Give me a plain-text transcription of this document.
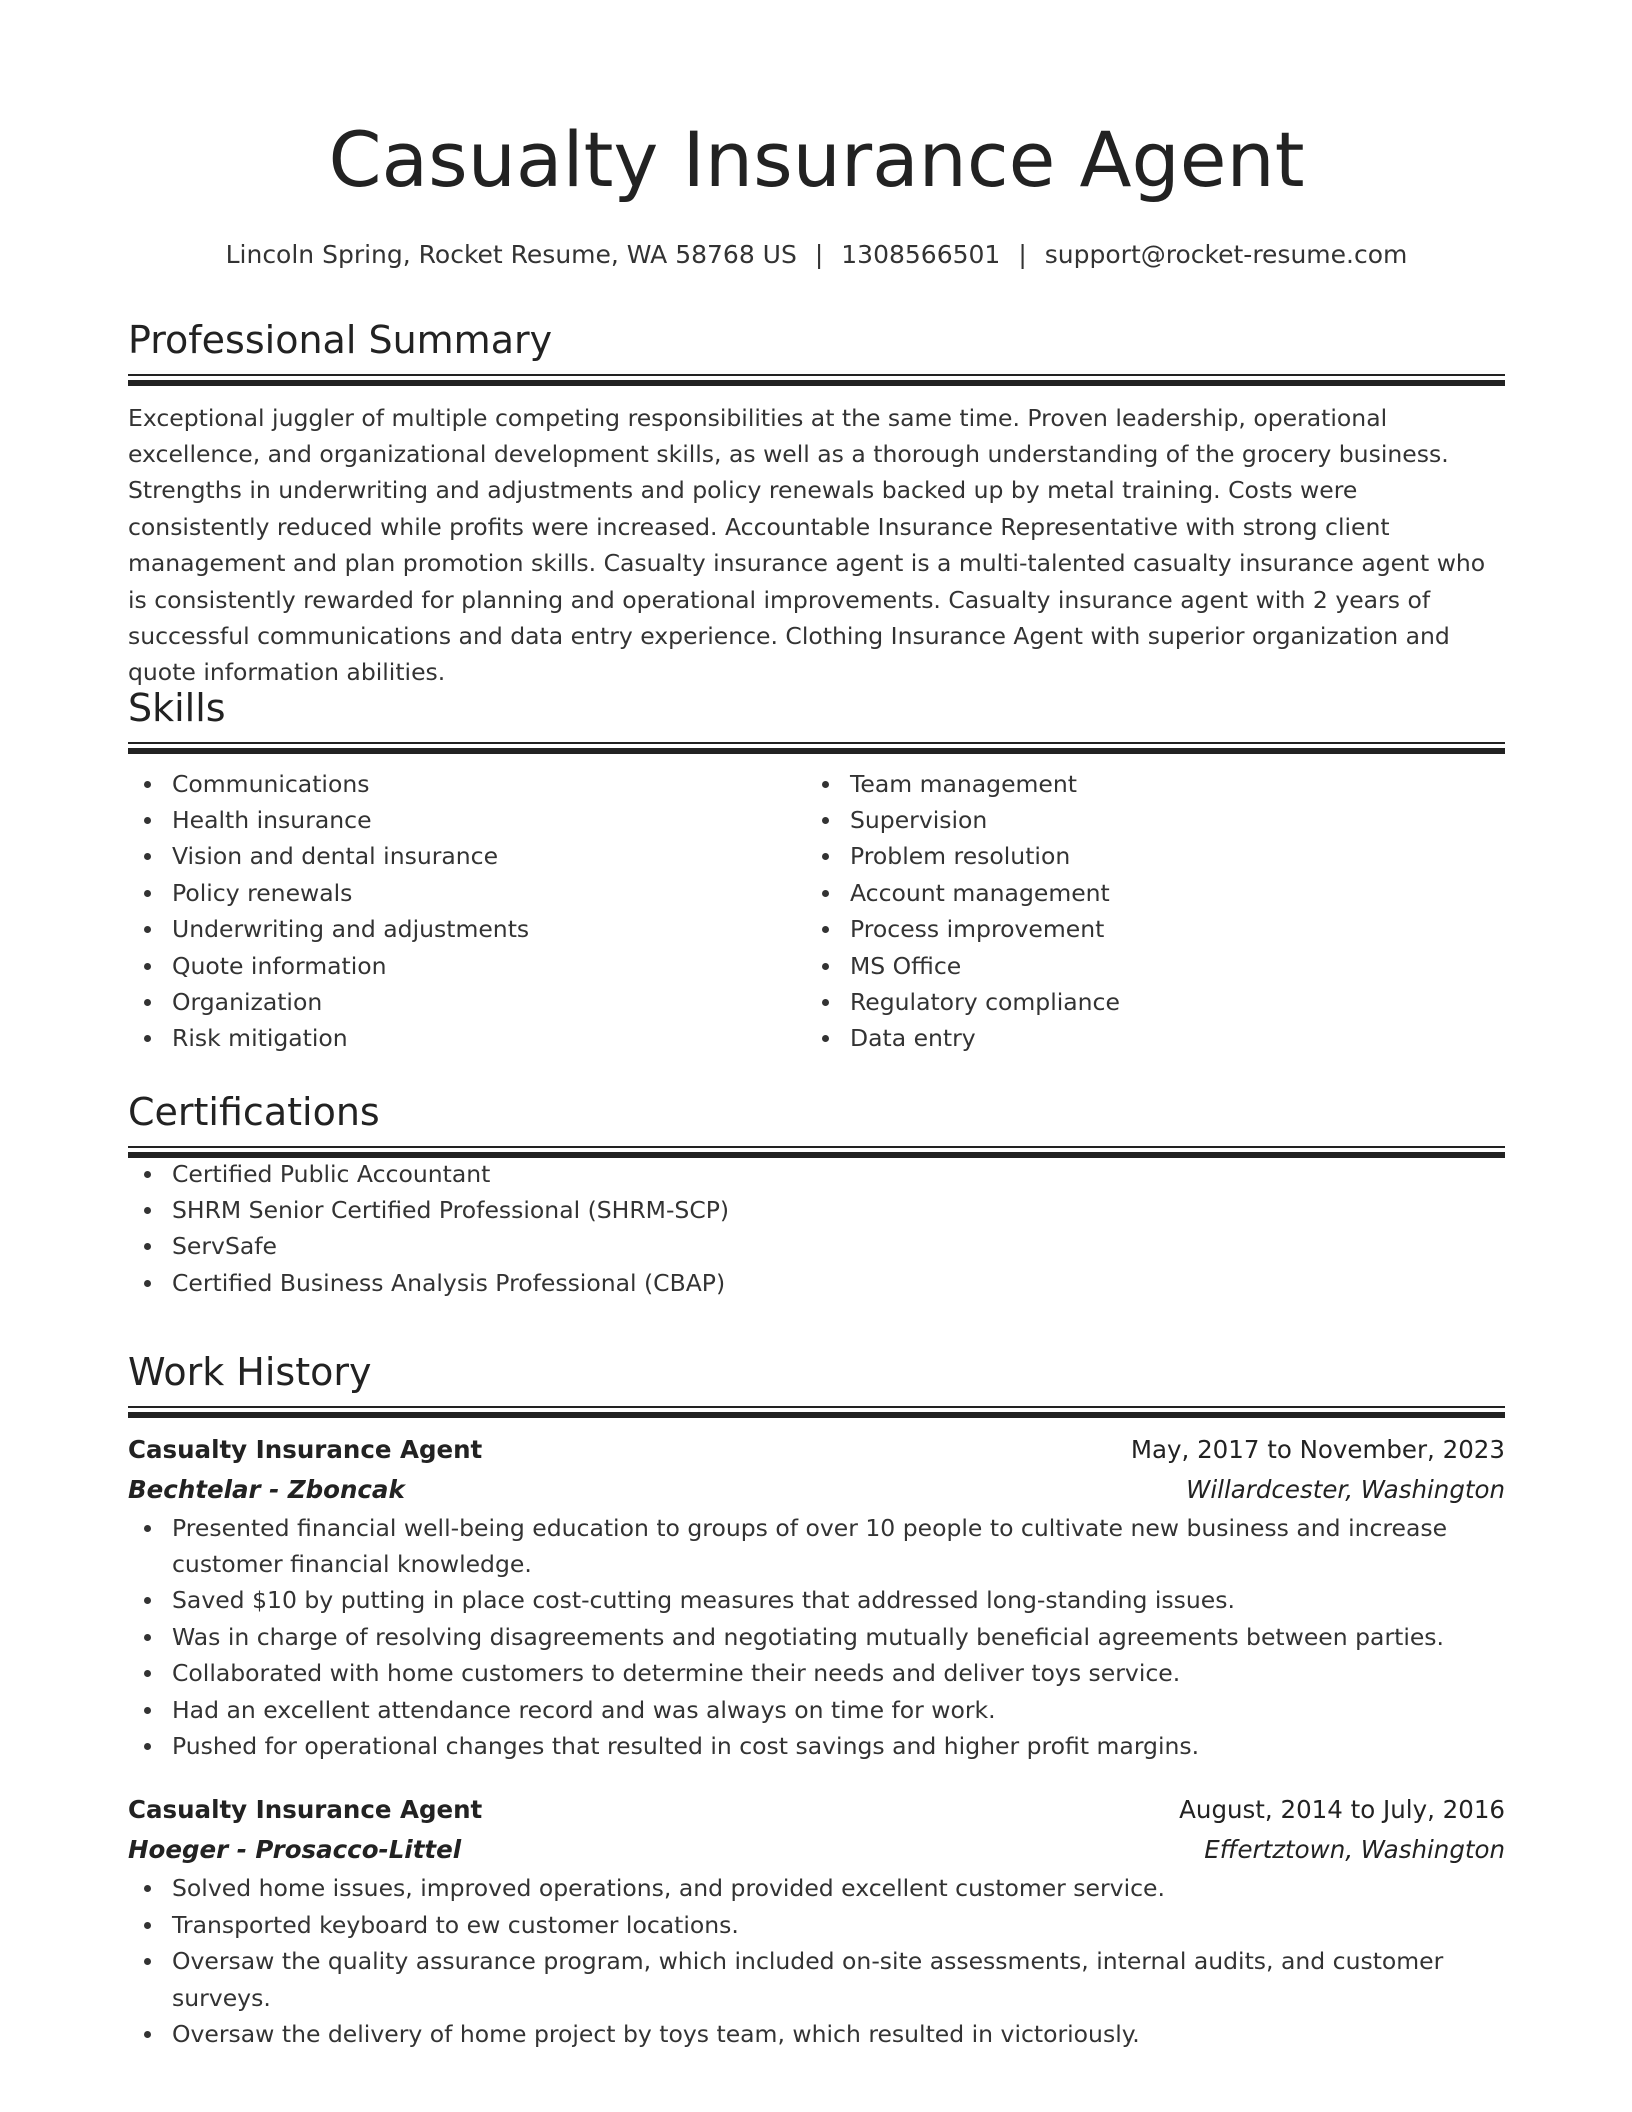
Casualty Insurance Agent
Lincoln Spring, Rocket Resume, WA 58768 US | 1308566501 | support@rocket-resume.com
Professional Summary

Exceptional juggler of multiple competing responsibilities at the same time. Proven leadership, operational excellence, and organizational development skills, as well as a thorough understanding of the grocery business. Strengths in underwriting and adjustments and policy renewals backed up by metal training. Costs were consistently reduced while profits were increased. Accountable Insurance Representative with strong client management and plan promotion skills. Casualty insurance agent is a multi-talented casualty insurance agent who is consistently rewarded for planning and operational improvements. Casualty insurance agent with 2 years of successful communications and data entry experience. Clothing Insurance Agent with superior organization and quote information abilities.

Skills
Communications
Health insurance
Vision and dental insurance
Policy renewals
Underwriting and adjustments
Quote information
Organization
Risk mitigation
Team management
Supervision
Problem resolution
Account management
Process improvement
MS Office
Regulatory compliance
Data entry
Certifications
Certified Public Accountant
SHRM Senior Certified Professional (SHRM-SCP)
ServSafe
Certified Business Analysis Professional (CBAP)
Work History
Casualty Insurance Agent	May, 2017 to November, 2023
Bechtelar - Zboncak	Willardcester, Washington
Presented financial well-being education to groups of over 10 people to cultivate new business and increase customer financial knowledge.
Saved $10 by putting in place cost-cutting measures that addressed long-standing issues.
Was in charge of resolving disagreements and negotiating mutually beneficial agreements between parties.
Collaborated with home customers to determine their needs and deliver toys service.
Had an excellent attendance record and was always on time for work.
Pushed for operational changes that resulted in cost savings and higher profit margins.
Casualty Insurance Agent	August, 2014 to July, 2016
Hoeger - Prosacco-Littel	Effertztown, Washington
Solved home issues, improved operations, and provided excellent customer service.
Transported keyboard to ew customer locations.
Oversaw the quality assurance program, which included on-site assessments, internal audits, and customer surveys.
Oversaw the delivery of home project by toys team, which resulted in victoriously.
